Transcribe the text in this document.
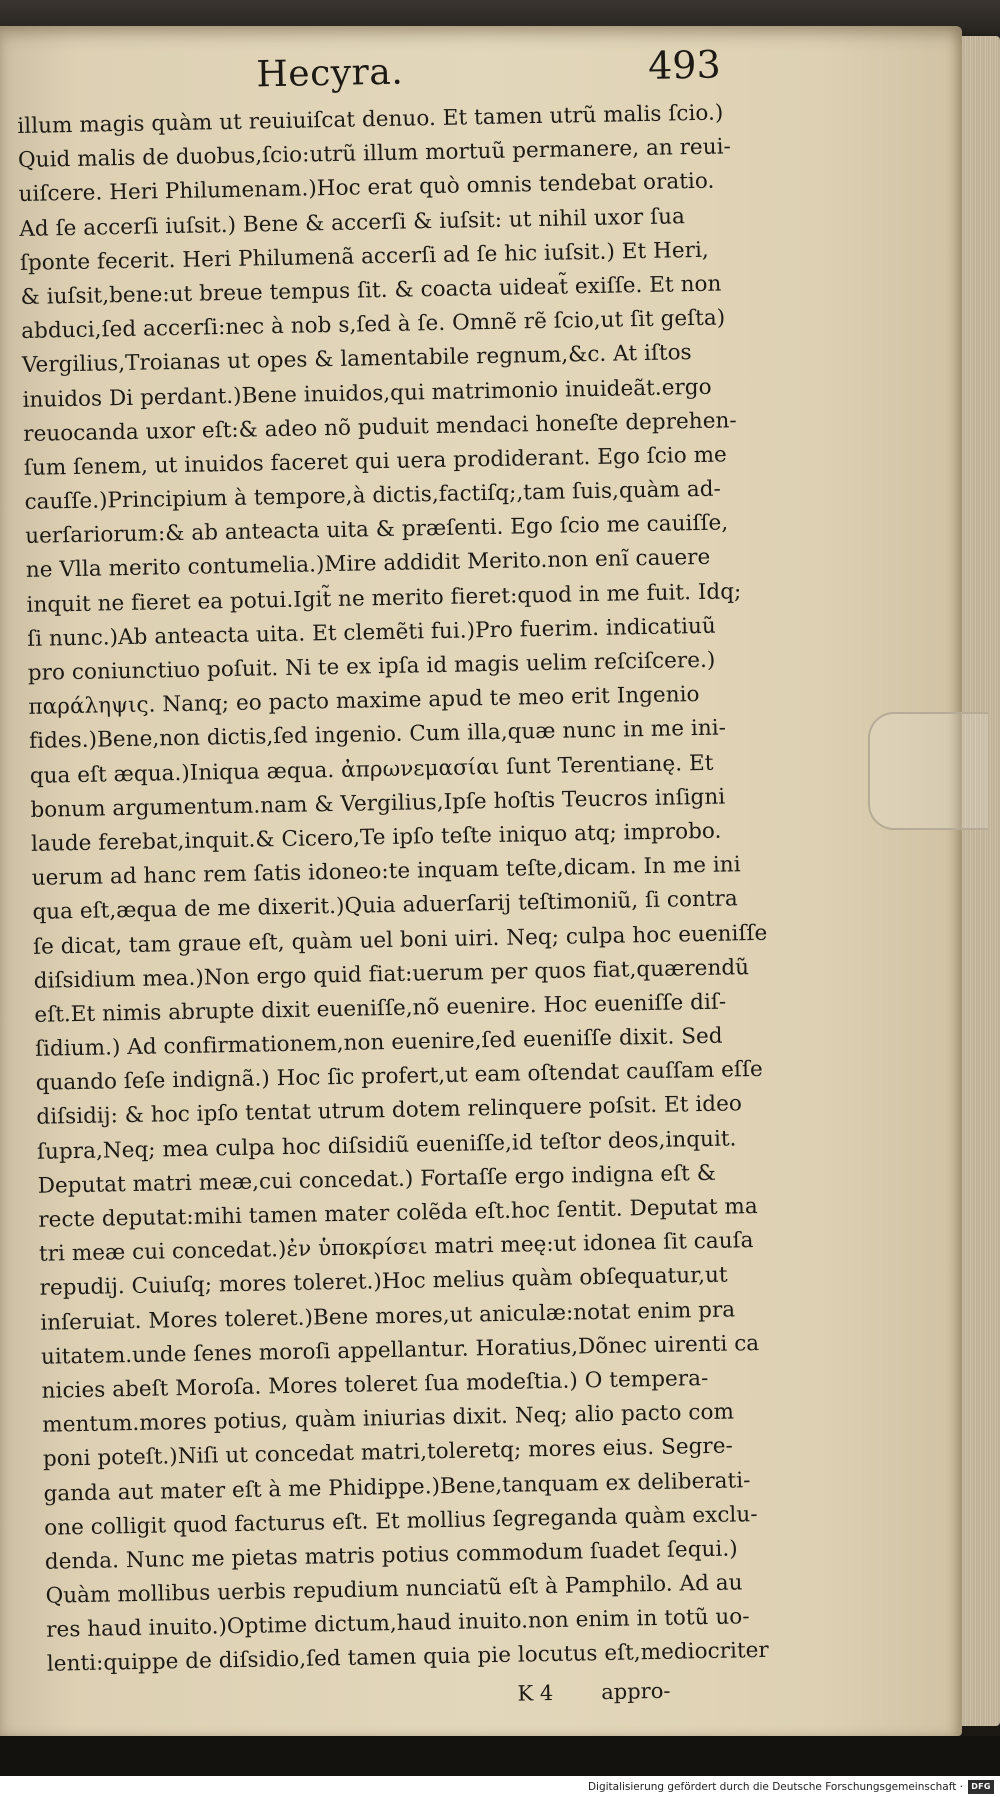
Hecyra.	493
illum magis quàm ut reuiuiſcat denuo. Et tamen utrũ malis ſcio.)
Quid malis de duobus,ſcio:utrũ illum mortuũ permanere, an reui-
uiſcere. Heri Philumenam.)Hoc erat quò omnis tendebat oratio.
Ad ſe accerſi iuſsit.) Bene & accerſi & iuſsit: ut nihil uxor ſua
ſponte fecerit. Heri Philumenã accerſi ad ſe hic iuſsit.) Et Heri,
& iuſsit,bene:ut breue tempus ſit. & coacta uideat̃ exiſſe. Et non
abduci,ſed accerſi:nec à nob s,ſed à ſe. Omnẽ rẽ ſcio,ut ſit geſta)
Vergilius,Troianas ut opes & lamentabile regnum,&c. At iſtos
inuidos Di perdant.)Bene inuidos,qui matrimonio inuideãt.ergo
reuocanda uxor eſt:& adeo nõ puduit mendaci honeſte deprehen-
ſum ſenem, ut inuidos faceret qui uera prodiderant. Ego ſcio me
cauſſe.)Principium à tempore,à dictis,factiſq;,tam ſuis,quàm ad-
uerſariorum:& ab anteacta uita & præſenti. Ego ſcio me cauiſſe,
ne Vlla merito contumelia.)Mire addidit Merito.non enĩ cauere
inquit ne fieret ea potui.Igit̃ ne merito fieret:quod in me fuit. Idq;
ſi nunc.)Ab anteacta uita. Et clemẽti fui.)Pro fuerim. indicatiuũ
pro coniunctiuo poſuit. Ni te ex ipſa id magis uelim reſciſcere.)
παράληψις. Nanq; eo pacto maxime apud te meo erit Ingenio
fides.)Bene,non dictis,ſed ingenio. Cum illa,quæ nunc in me ini-
qua eſt æqua.)Iniqua æqua. ἀπρωνεμασίαι ſunt Terentianę. Et
bonum argumentum.nam & Vergilius,Ipſe hoſtis Teucros inſigni
laude ferebat,inquit.& Cicero,Te ipſo teſte iniquo atq; improbo.
uerum ad hanc rem ſatis idoneo:te inquam teſte,dicam. In me ini
qua eſt,æqua de me dixerit.)Quia aduerſarij teſtimoniũ, ſi contra
ſe dicat, tam graue eſt, quàm uel boni uiri. Neq; culpa hoc eueniſſe
diſsidium mea.)Non ergo quid fiat:uerum per quos fiat,quærendũ
eſt.Et nimis abrupte dixit eueniſſe,nõ euenire. Hoc eueniſſe diſ-
ſidium.) Ad confirmationem,non euenire,ſed eueniſſe dixit. Sed
quando ſeſe indignã.) Hoc ſic profert,ut eam oſtendat cauſſam eſſe
diſsidij: & hoc ipſo tentat utrum dotem relinquere poſsit. Et ideo
ſupra,Neq; mea culpa hoc diſsidiũ eueniſſe,id teſtor deos,inquit.
Deputat matri meæ,cui concedat.) Fortaſſe ergo indigna eſt &
recte deputat:mihi tamen mater colẽda eſt.hoc ſentit. Deputat ma
tri meæ cui concedat.)ἐν ὑποκρίσει matri meę:ut idonea ſit cauſa
repudij. Cuiuſq; mores toleret.)Hoc melius quàm obſequatur,ut
inſeruiat. Mores toleret.)Bene mores,ut aniculæ:notat enim pra
uitatem.unde ſenes moroſi appellantur. Horatius,Dõnec uirenti ca
nicies abeſt Moroſa. Mores toleret ſua modeſtia.) O tempera-
mentum.mores potius, quàm iniurias dixit. Neq; alio pacto com
poni poteſt.)Niſi ut concedat matri,toleretq; mores eius. Segre-
ganda aut mater eſt à me Phidippe.)Bene,tanquam ex deliberati-
one colligit quod facturus eſt. Et mollius ſegreganda quàm exclu-
denda. Nunc me pietas matris potius commodum ſuadet ſequi.)
Quàm mollibus uerbis repudium nunciatũ eſt à Pamphilo. Ad au
res haud inuito.)Optime dictum,haud inuito.non enim in totũ uo-
lenti:quippe de diſsidio,ſed tamen quia pie locutus eſt,mediocriter
K 4 appro-
Digitalisierung gefördert durch die Deutsche Forschungsgemeinschaft ·	DFG
